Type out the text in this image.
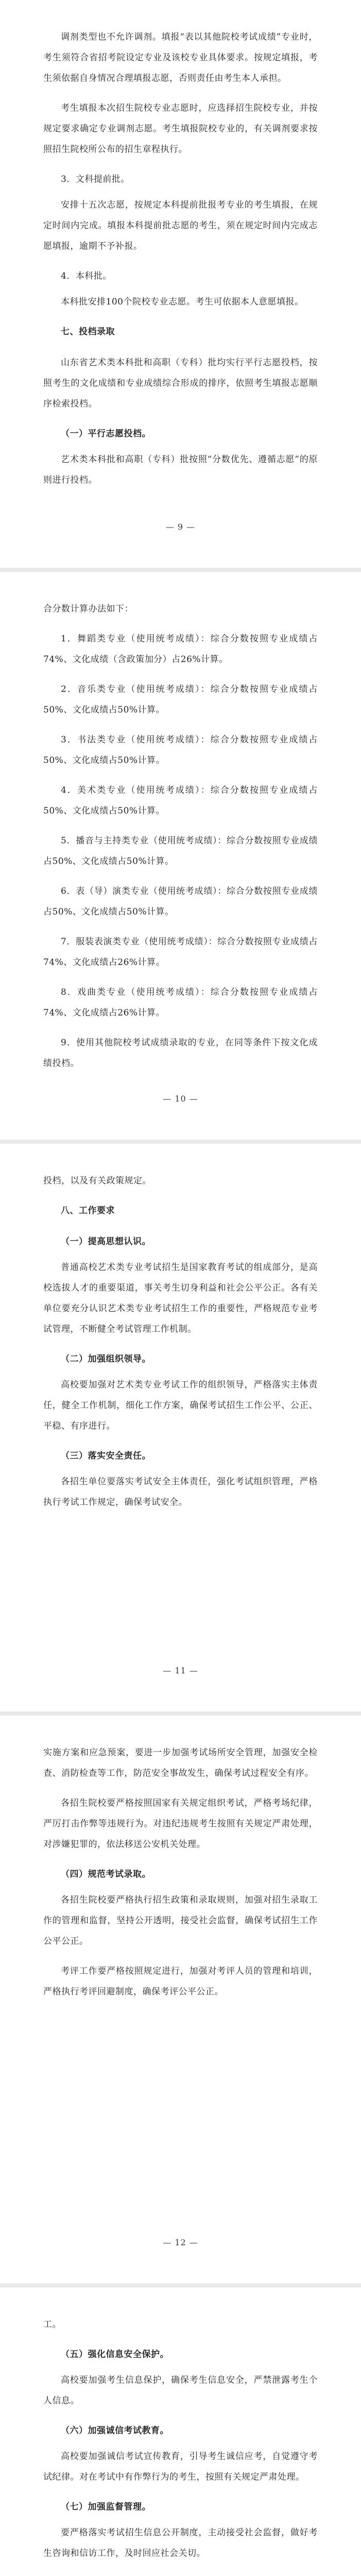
调剂类型也不允许调剂。填报“表以其他院校考试成绩”专业时，考生须符合省招考院设定专业及该校专业具体要求。按规定填报，考生须依据自身情况合理填报志愿，否则责任由考生本人承担。

考生填报本次招生院校专业志愿时，应选择招生院校专业，并按规定要求确定专业调剂志愿。考生填报院校专业的，有关调剂要求按照招生院校所公布的招生章程执行。

3．文科提前批。

安排十五次志愿，按规定本科提前批报考专业的考生填报，在规定时间内完成。填报本科提前批志愿的考生，须在规定时间内完成志愿填报，逾期不予补报。

4．本科批。

本科批安排100个院校专业志愿。考生可依据本人意愿填报。

七、投档录取

山东省艺术类本科批和高职（专科）批均实行平行志愿投档，按照考生的文化成绩和专业成绩综合形成的排序，依照考生填报志愿顺序检索投档。

（一）平行志愿投档。

艺术类本科批和高职（专科）批按照“分数优先、遵循志愿”的原则进行投档。

— 9 —

合分数计算办法如下：

1．舞蹈类专业（使用统考成绩）：综合分数按照专业成绩占74%、文化成绩（含政策加分）占26%计算。

2．音乐类专业（使用统考成绩）：综合分数按照专业成绩占50%、文化成绩占50%计算。

3．书法类专业（使用统考成绩）：综合分数按照专业成绩占50%、文化成绩占50%计算。

4．美术类专业（使用统考成绩）：综合分数按照专业成绩占50%、文化成绩占50%计算。

5．播音与主持类专业（使用统考成绩）：综合分数按照专业成绩占50%、文化成绩占50%计算。

6．表（导）演类专业（使用统考成绩）：综合分数按照专业成绩占50%、文化成绩占50%计算。

7．服装表演类专业（使用统考成绩）：综合分数按照专业成绩占74%、文化成绩占26%计算。

8．戏曲类专业（使用统考成绩）：综合分数按照专业成绩占74%、文化成绩占26%计算。

9．使用其他院校考试成绩录取的专业，在同等条件下按文化成绩投档。

— 10 —

投档，以及有关政策规定。

八、工作要求
（一）提高思想认识。

普通高校艺术类专业考试招生是国家教育考试的组成部分，是高校选拔人才的重要渠道，事关考生切身利益和社会公平公正。各有关单位要充分认识艺术类专业考试招生工作的重要性，严格规范专业考试管理，不断健全考试管理工作机制。

（二）加强组织领导。

高校要加强对艺术类专业考试工作的组织领导，严格落实主体责任，健全工作机制，细化工作方案，确保考试招生工作公平、公正、平稳、有序进行。

（三）落实安全责任。

各招生单位要落实考试安全主体责任，强化考试组织管理，严格执行考试工作规定，确保考试安全。

— 11 —

实施方案和应急预案，要进一步加强考试场所安全管理，加强安全检查、消防检查等工作，防范安全事故发生，确保考试过程安全有序。

各招生院校要严格按照国家有关规定组织考试，严格考场纪律，严厉打击作弊等违规行为。对违纪违规考生按照有关规定严肃处理，对涉嫌犯罪的，依法移送公安机关处理。

（四）规范考试录取。

各招生院校要严格执行招生政策和录取规则，加强对招生录取工作的管理和监督，坚持公开透明，接受社会监督，确保考试招生工作公平公正。

考评工作要严格按照规定进行，加强对考评人员的管理和培训，严格执行考评回避制度，确保考评公平公正。

— 12 —

工。

（五）强化信息安全保护。

高校要加强考生信息保护，确保考生信息安全，严禁泄露考生个人信息。

（六）加强诚信考试教育。

高校要加强诚信考试宣传教育，引导考生诚信应考，自觉遵守考试纪律。对在考试中有作弊行为的考生，按照有关规定严肃处理。

（七）加强监督管理。

要严格落实考试招生信息公开制度，主动接受社会监督，做好考生咨询和信访工作，及时回应社会关切。
